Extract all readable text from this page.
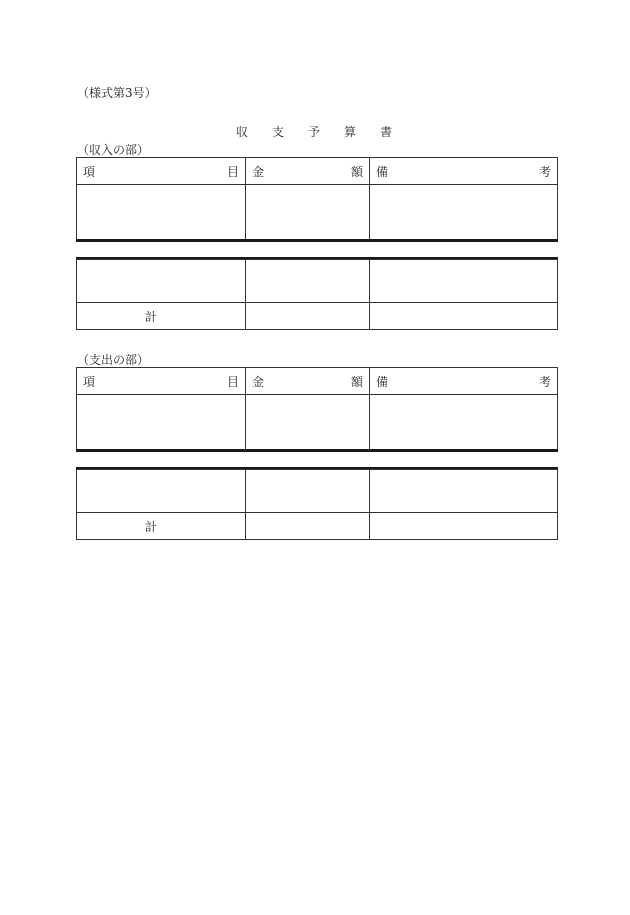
（様式第3号）
収　　支　　予　　算　　書
（収入の部）
項 目	金 額	備 考

計		
（支出の部）
項 目	金 額	備 考

計		
